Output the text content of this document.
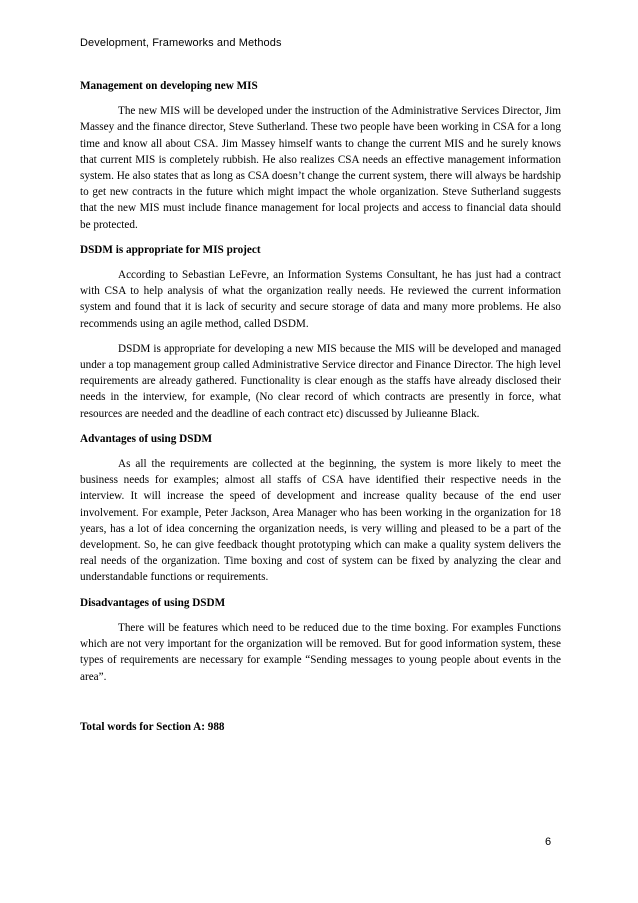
Development, Frameworks and Methods
Management on developing new MIS

The new MIS will be developed under the instruction of the Administrative Services Director, Jim Massey and the finance director, Steve Sutherland. These two people have been working in CSA for a long time and know all about CSA. Jim Massey himself wants to change the current MIS and he surely knows that current MIS is completely rubbish. He also realizes CSA needs an effective management information system. He also states that as long as CSA doesn’t change the current system, there will always be hardship to get new contracts in the future which might impact the whole organization. Steve Sutherland suggests that the new MIS must include finance management for local projects and access to financial data should be protected.

DSDM is appropriate for MIS project

According to Sebastian LeFevre, an Information Systems Consultant, he has just had a contract with CSA to help analysis of what the organization really needs. He reviewed the current information system and found that it is lack of security and secure storage of data and many more problems. He also recommends using an agile method, called DSDM.

DSDM is appropriate for developing a new MIS because the MIS will be developed and managed under a top management group called Administrative Service director and Finance Director. The high level requirements are already gathered. Functionality is clear enough as the staffs have already disclosed their needs in the interview, for example, (No clear record of which contracts are presently in force, what resources are needed and the deadline of each contract etc) discussed by Julieanne Black.

Advantages of using DSDM

As all the requirements are collected at the beginning, the system is more likely to meet the business needs for examples; almost all staffs of CSA have identified their respective needs in the interview. It will increase the speed of development and increase quality because of the end user involvement. For example, Peter Jackson, Area Manager who has been working in the organization for 18 years, has a lot of idea concerning the organization needs, is very willing and pleased to be a part of the development. So, he can give feedback thought prototyping which can make a quality system delivers the real needs of the organization. Time boxing and cost of system can be fixed by analyzing the clear and understandable functions or requirements.

Disadvantages of using DSDM

There will be features which need to be reduced due to the time boxing. For examples Functions which are not very important for the organization will be removed. But for good information system, these types of requirements are necessary for example “Sending messages to young people about events in the area”.

Total words for Section A: 988
6
